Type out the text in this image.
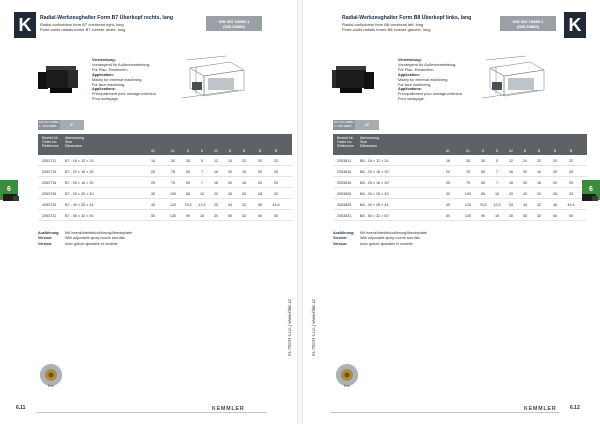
K	Radial-Werkzeughalter Form B7 Überkopf rechts, lang
Radial toolholders form B7 overhead right, long
Porte-outils radials forme B7 inversé droite, long
DIN ISO 10889-1
(DIN 69880)
Verwendung:
Vorwiegend für Außenbearbeitung.
Für Plan- Einstechen.
Application:
Mainly for external machining.
For face machining.
Applications:
Principalement pour usinage extérieur.
Pour surfaçage.
DIN ISO 10889-1 / DIN 69880	B7
Bestell-Nr.
Order-no.
Référence
Abmessung
Size
Dimension
d1	h1	l1	b	h2	l2	l3	l4	l5
2053711 B7 - 16 × 12 × 24	16	30	30	5	12	24	22	20	22
2053716 B7 - 20 × 16 × 30	20	75	50	7	16	30	16	20	25
2053716 B7 - 25 × 16 × 30	25	75	50	7	16	30	16	20	25
2053726 B7 - 30 × 20 × 40	30	100	65	10	20	40	20	28	33
4053725 B7 - 40 × 25 × 44	40	120	75,5	12,5	25	44	22	46	44,5
2053731 B7 - 50 × 32 × 50	50	130	90	16	30	55	32	60	50
Ausführung: Mit Innenkühlmittelzuführung/Wendeplatte
Version:	With adjustable spray nozzle and disc
Version:	Avec giclure ajustable et rondelle
6
6.xx
KL-TECH s.r.o. | www.kltec.cz
6.11	KEMMLER
K
Radial-Werkzeughalter Form B8 Überkopf links, lang
Radial toolholders form B8 overhead left, long
Porte-outils radials forme B8 inversé gauche, long
DIN ISO 10889-1
(DIN 69880)
Verwendung:
Vorwiegend für Außenbearbeitung.
Für Plan- Einstechen.
Application:
Mainly for external machining.
For face machining.
Applications:
Principalement pour usinage extérieur.
Pour surfaçage.
DIN ISO 10889-1 / DIN 69880	B8
Bestell-Nr.
Order-no.
Référence
Abmessung
Size
Dimension
d1	h1	l1	b	h2	l2	l3	l4	l5
2053811 B8 - 16 × 12 × 24	16	30	30	5	12	24	22	20	22
2053816 B8 - 20 × 16 × 30	20	75	50	7	16	30	16	20	25
2053816 B8 - 25 × 16 × 30	25	75	50	7	16	30	16	20	25
2053826 B8 - 30 × 20 × 40	30	100	65	10	20	40	20	28	33
4053825 B8 - 40 × 25 × 44	40	120	75,5	12,5	25	44	22	46	44,5
2053831 B8 - 50 × 32 × 50	50	130	90	16	30	55	32	60	50
Ausführung: Mit Innenkühlmittelzuführung/Wendeplatte
Version:	With adjustable spray nozzle and disc
Version:	Avec giclure ajustable et rondelle
6
6.xx
KL-TECH s.r.o. | www.kltec.cz
KEMMLER	6.12
